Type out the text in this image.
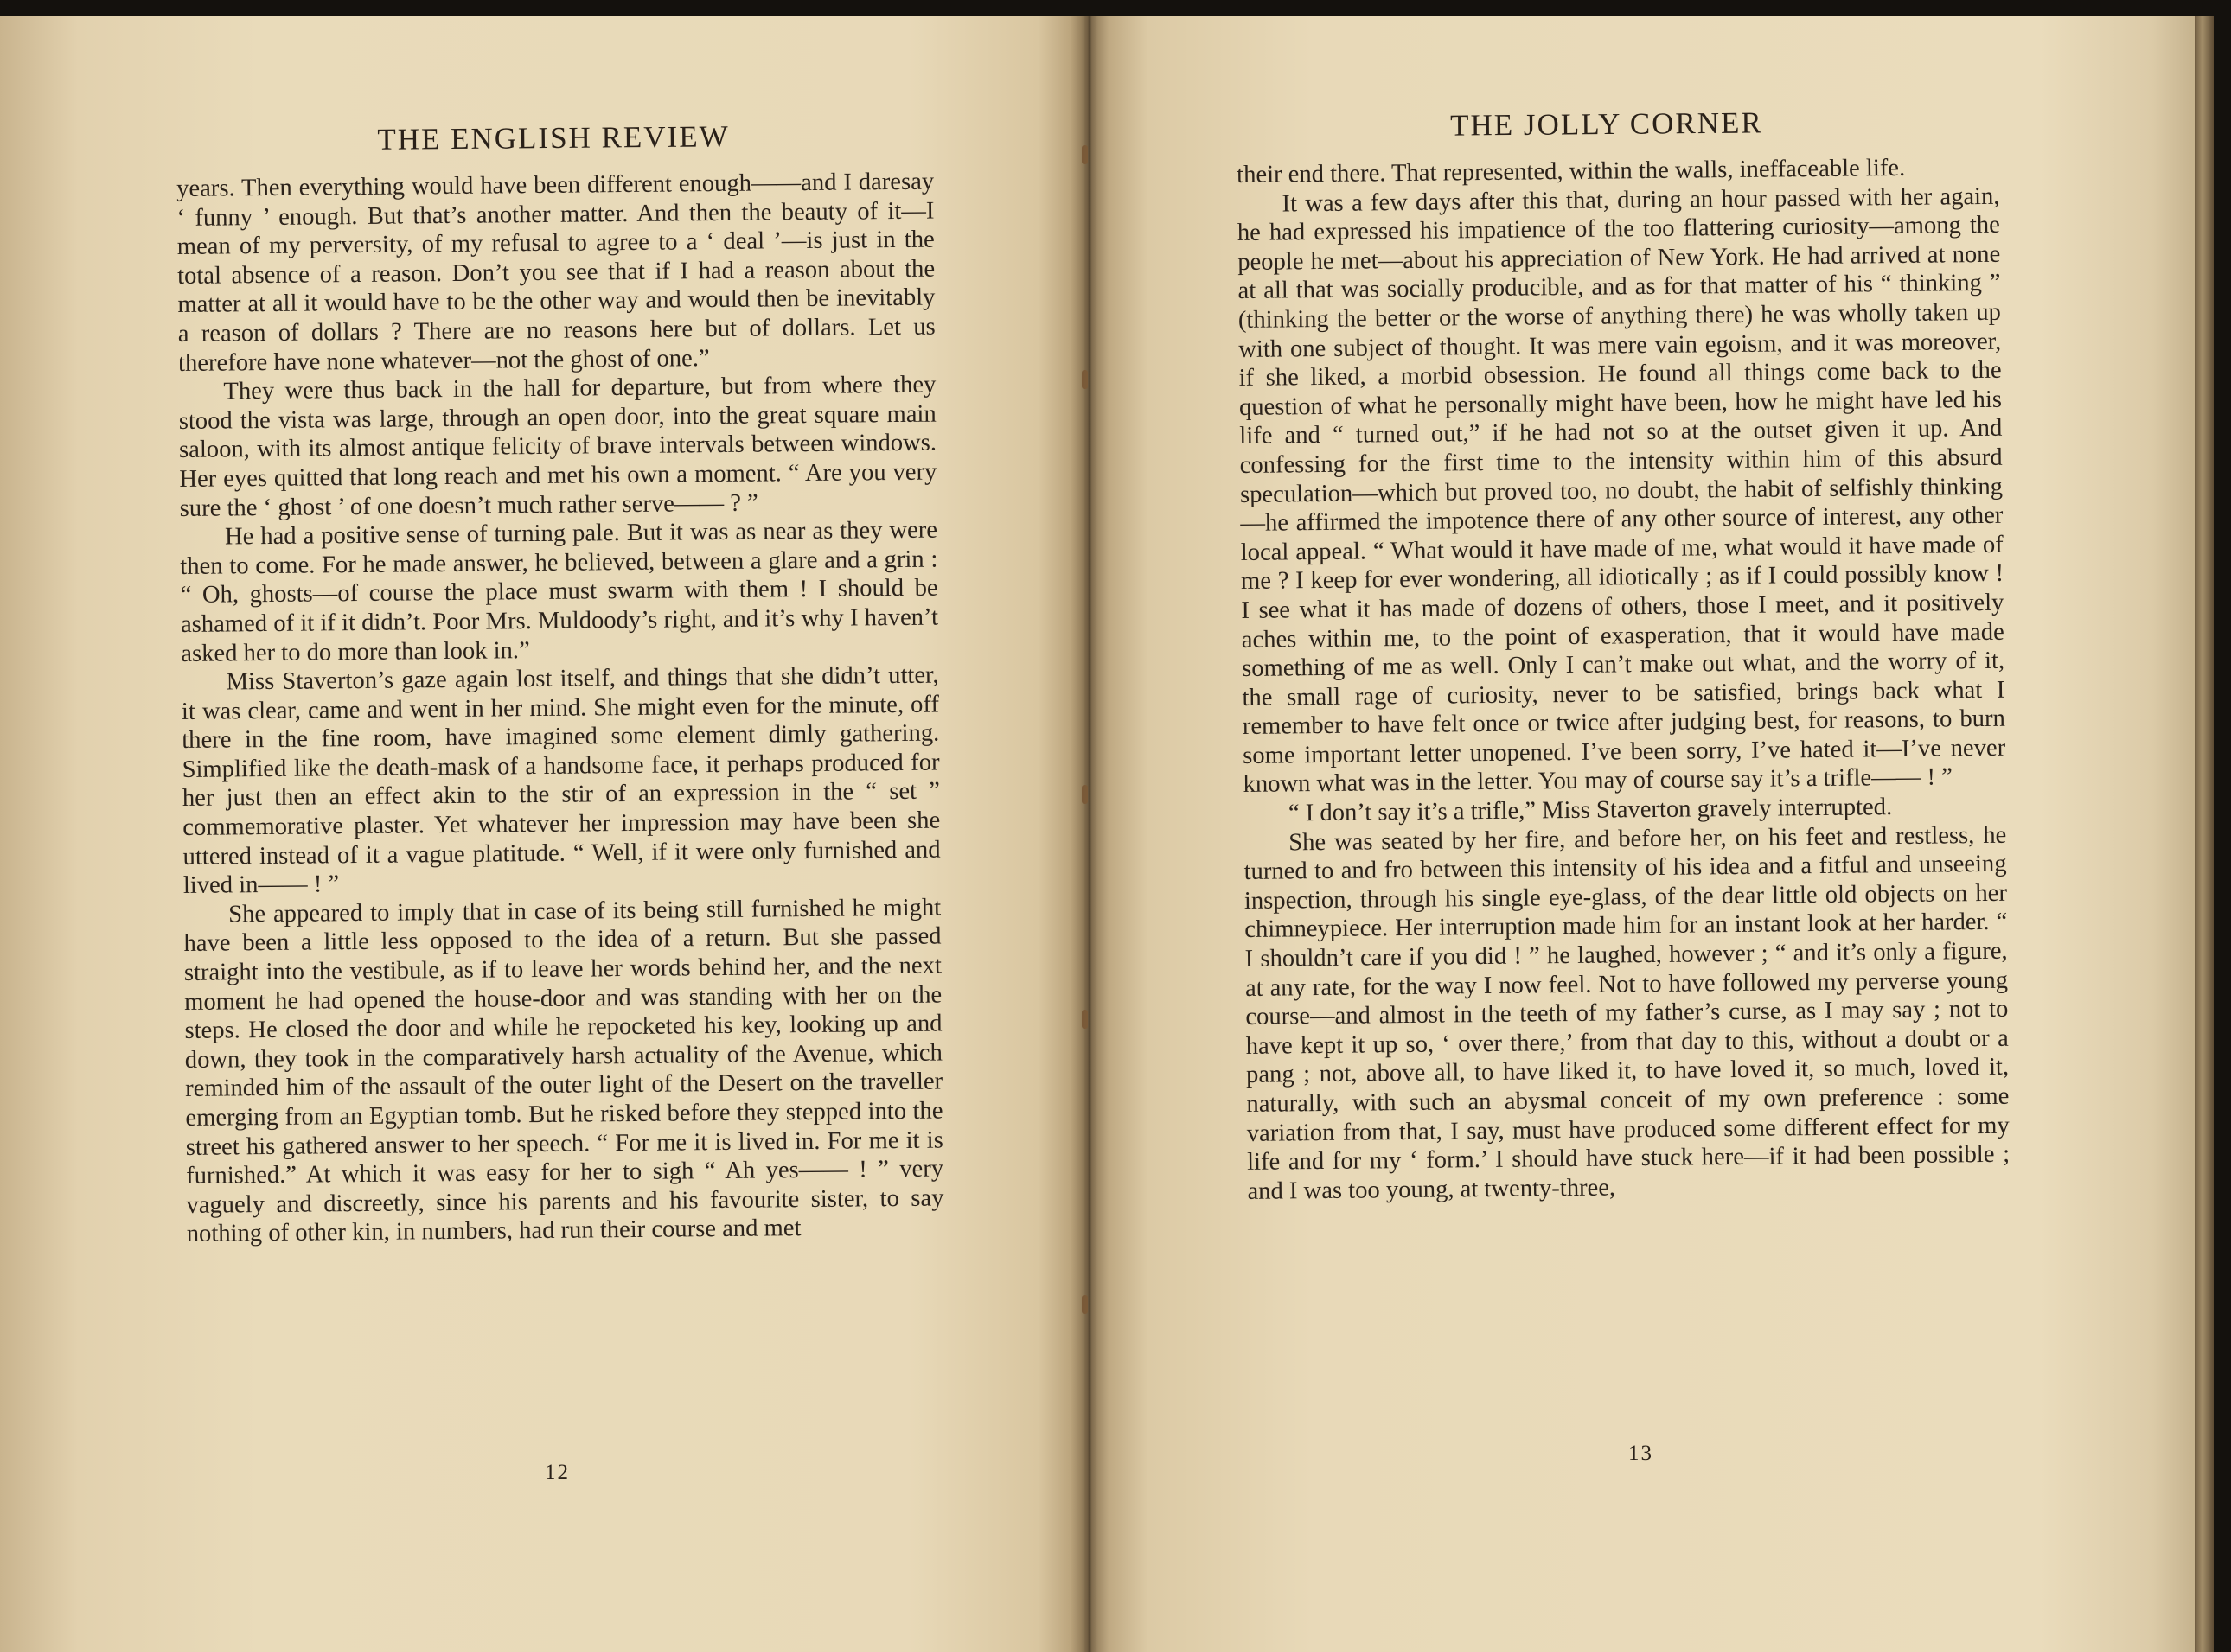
THE ENGLISH REVIEW

years. Then everything would have been different enough——and I daresay ‘ funny ’ enough. But that’s another matter. And then the beauty of it—I mean of my perversity, of my refusal to agree to a ‘ deal ’—is just in the total absence of a reason. Don’t you see that if I had a reason about the matter at all it would have to be the other way and would then be inevitably a reason of dollars ? There are no reasons here but of dollars. Let us therefore have none whatever—not the ghost of one.”

They were thus back in the hall for departure, but from where they stood the vista was large, through an open door, into the great square main saloon, with its almost antique felicity of brave intervals between windows. Her eyes quitted that long reach and met his own a moment. “ Are you very sure the ‘ ghost ’ of one doesn’t much rather serve—— ? ”

He had a positive sense of turning pale. But it was as near as they were then to come. For he made answer, he believed, between a glare and a grin : “ Oh, ghosts—of course the place must swarm with them ! I should be ashamed of it if it didn’t. Poor Mrs. Muldoody’s right, and it’s why I haven’t asked her to do more than look in.”

Miss Staverton’s gaze again lost itself, and things that she didn’t utter, it was clear, came and went in her mind. She might even for the minute, off there in the fine room, have imagined some element dimly gathering. Simplified like the death-mask of a handsome face, it perhaps produced for her just then an effect akin to the stir of an expression in the “ set ” commemorative plaster. Yet whatever her impression may have been she uttered instead of it a vague platitude. “ Well, if it were only furnished and lived in—— ! ”

She appeared to imply that in case of its being still furnished he might have been a little less opposed to the idea of a return. But she passed straight into the vestibule, as if to leave her words behind her, and the next moment he had opened the house-door and was standing with her on the steps. He closed the door and while he repocketed his key, looking up and down, they took in the comparatively harsh actuality of the Avenue, which reminded him of the assault of the outer light of the Desert on the traveller emerging from an Egyptian tomb. But he risked before they stepped into the street his gathered answer to her speech. “ For me it is lived in. For me it is furnished.” At which it was easy for her to sigh “ Ah yes—— ! ” very vaguely and discreetly, since his parents and his favourite sister, to say nothing of other kin, in numbers, had run their course and met

12
THE JOLLY CORNER

their end there. That represented, within the walls, ineffaceable life.

It was a few days after this that, during an hour passed with her again, he had expressed his impatience of the too flattering curiosity—among the people he met—about his appreciation of New York. He had arrived at none at all that was socially producible, and as for that matter of his “ thinking ” (thinking the better or the worse of anything there) he was wholly taken up with one subject of thought. It was mere vain egoism, and it was moreover, if she liked, a morbid obsession. He found all things come back to the question of what he personally might have been, how he might have led his life and “ turned out,” if he had not so at the outset given it up. And confessing for the first time to the intensity within him of this absurd speculation—which but proved too, no doubt, the habit of selfishly thinking—he affirmed the impotence there of any other source of interest, any other local appeal. “ What would it have made of me, what would it have made of me ? I keep for ever wondering, all idiotically ; as if I could possibly know ! I see what it has made of dozens of others, those I meet, and it positively aches within me, to the point of exasperation, that it would have made something of me as well. Only I can’t make out what, and the worry of it, the small rage of curiosity, never to be satisfied, brings back what I remember to have felt once or twice after judging best, for reasons, to burn some important letter unopened. I’ve been sorry, I’ve hated it—I’ve never known what was in the letter. You may of course say it’s a trifle—— ! ”

“ I don’t say it’s a trifle,” Miss Staverton gravely interrupted.

She was seated by her fire, and before her, on his feet and restless, he turned to and fro between this intensity of his idea and a fitful and unseeing inspection, through his single eye-glass, of the dear little old objects on her chimneypiece. Her interruption made him for an instant look at her harder. “ I shouldn’t care if you did ! ” he laughed, however ; “ and it’s only a figure, at any rate, for the way I now feel. Not to have followed my perverse young course—and almost in the teeth of my father’s curse, as I may say ; not to have kept it up so, ‘ over there,’ from that day to this, without a doubt or a pang ; not, above all, to have liked it, to have loved it, so much, loved it, naturally, with such an abysmal conceit of my own preference : some variation from that, I say, must have produced some different effect for my life and for my ‘ form.’ I should have stuck here—if it had been possible ; and I was too young, at twenty-three,

13
